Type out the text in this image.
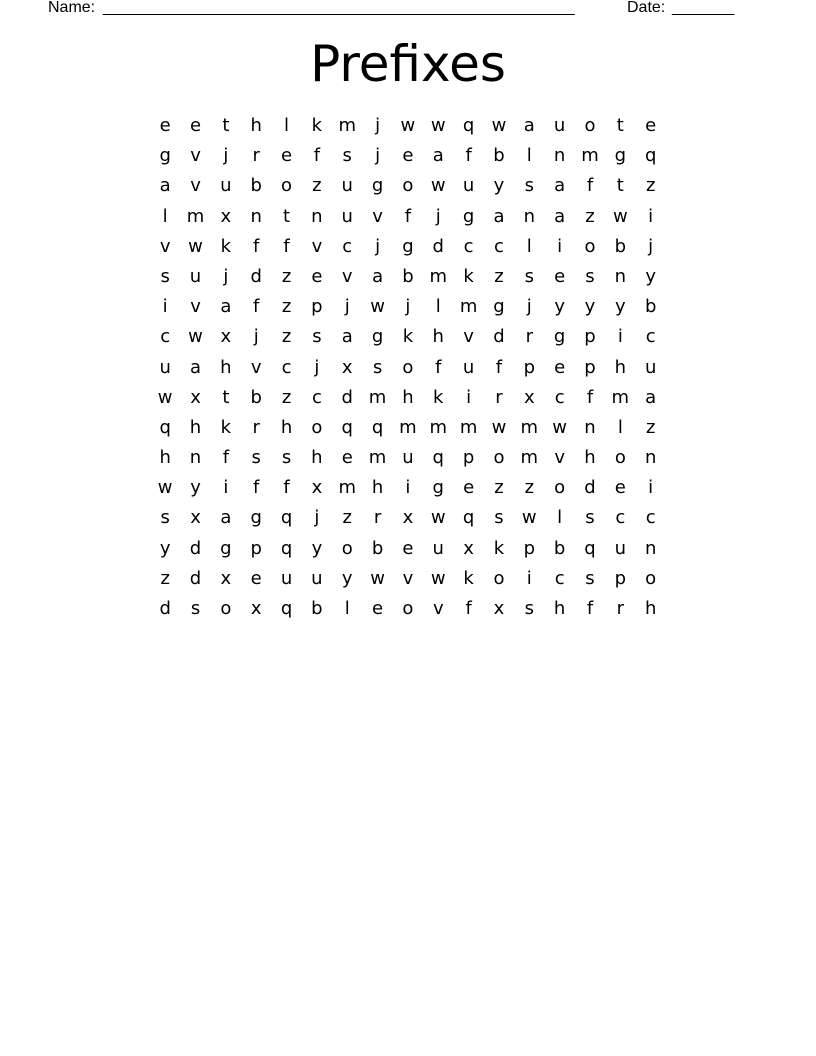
Name: _____________________________________________________	Date: _______
Prefixes
e	e	t	h	l	k m	j	w w q w a	u	o	t	e
g	v	j	r	e	f	s	j	e	a	f	b	l	n m g	q
a	v	u	b	o	z	u	g	o w u	y	s	a	f	t	z
l	m x	n	t	n	u	v	f	j	g	a	n	a	z	w	i
v w k	f	f	v	c	j	g	d	c	c	l	i	o	b	j
s	u	j	d	z	e	v	a	b m k	z	s	e	s	n	y
i	v	a	f	z	p	j	w	j	l	m g	j	y	y	y	b
c	w x	j	z	s	a	g	k	h	v	d	r	g	p	i	c
u	a	h	v	c	j	x	s	o	f	u	f	p	e	p	h	u
w x	t	b	z	c	d m h	k	i	r	x	c	f	m a
q	h	k	r	h	o	q	q m m m w m w n	l	z
h	n	f	s	s	h	e m u	q	p	o m v	h	o	n
w y	i	f	f	x m h	i	g	e	z	z	o	d	e	i
s	x	a	g	q	j	z	r	x w q	s	w	l	s	c	c
y	d	g	p	q	y	o	b	e	u	x	k	p	b	q	u	n
z	d	x	e	u	u	y w v w k	o	i	c	s	p	o
d	s	o	x	q	b	l	e	o	v	f	x	s	h	f	r	h
